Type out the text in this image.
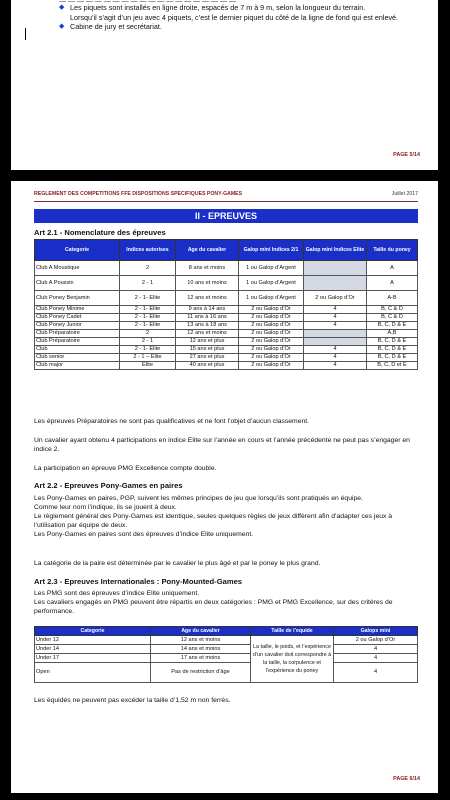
— — — — — — — — — — — — — — — — — — — —
◆ Les piquets sont installés en ligne droite, espacés de 7 m à 9 m, selon la longueur du terrain.
Lorsqu’il s’agit d’un jeu avec 4 piquets, c’est le dernier piquet du côté de la ligne de fond qui est enlevé.
◆ Cabine de jury et secrétariat.
PAGE 5/14
REGLEMENT DES COMPETITIONS FFE DISPOSITIONS SPECIFIQUES PONY-GAMES	Juillet 2017
II - EPREUVES
Art 2.1 - Nomenclature des épreuves
Categorie	Indices autorises	Age du cavalier	Galop mini Indices 2/1	Galop mini Indices Elite	Taille du poney
Club A Moustique	2	8 ans et moins	1 ou Galop d’Argent		A
Club A Poussin	2 - 1	10 ans et moins	1 ou Galop d’Argent		A
Club Poney Benjamin	2 - 1- Elite	12 ans et moins	1 ou Galop d’Argent	2 ou Galop d’Or	A-B
Club Poney Minime	2 - 1- Elite	9 ans à 14 ans	2 ou Galop d’Or	4	B, C & D
Club Poney Cadet	2 - 1- Elite	11 ans à 16 ans	2 ou Galop d’Or	4	B, C & D
Club Poney Junior	2 - 1- Elite	13 ans à 18 ans	2 ou Galop d’Or	4	B, C, D & E
Club Préparatoire	2	12 ans et moins	2 ou Galop d’Or		A,B
Club Préparatoire	2 - 1	12 ans et plus	2 ou Galop d’Or		B, C, D & E
Club	2 - 1- Elite	15 ans et plus	2 ou Galop d’Or	4	B, C, D & E
Club senior	2 - 1 – Elite	27 ans et plus	2 ou Galop d’Or	4	B, C, D & E
Club major	Elite	40 ans et plus	2 ou Galop d’Or	4	B, C, D et E
Les épreuves Préparatoires ne sont pas qualificatives et ne font l’objet d’aucun classement.
Un cavalier ayant obtenu 4 participations en indice Elite sur l’année en cours et l’année précédente ne peut pas s’engager en indice 2.
La participation en épreuve PMG Excellence compte double.
Art 2.2 - Epreuves Pony-Games en paires
Les Pony-Games en paires, PGP, suivent les mêmes principes de jeu que lorsqu’ils sont pratiqués en équipe.
Comme leur nom l’indique, ils se jouent à deux.
Le règlement général des Pony-Games est identique, seules quelques règles de jeux diffèrent afin d’adapter ces jeux à l’utilisation par équipe de deux.
Les Pony-Games en paires sont des épreuves d’indice Elite uniquement.
La catégorie de la paire est déterminée par le cavalier le plus âgé et par le poney le plus grand.
Art 2.3 - Epreuves Internationales : Pony-Mounted-Games
Les PMG sont des épreuves d’indice Elite uniquement.
Les cavaliers engagés en PMG peuvent être répartis en deux catégories : PMG et PMG Excellence, sur des critères de performance.
Categorie	Age du cavalier	Taille de l’equide	Galops mini
Under 12	12 ans et moins	La taille, le poids, et l’expérience d’un cavalier doit correspondre à la taille, la corpulence et l’expérience du poney	2 ou Galop d’Or
Under 14	14 ans et moins		4
Under 17	17 ans et moins		4
Open	Pas de restriction d’âge		4
Les équidés ne peuvent pas excéder la taille d’1,52 m non ferrés.
PAGE 6/14
